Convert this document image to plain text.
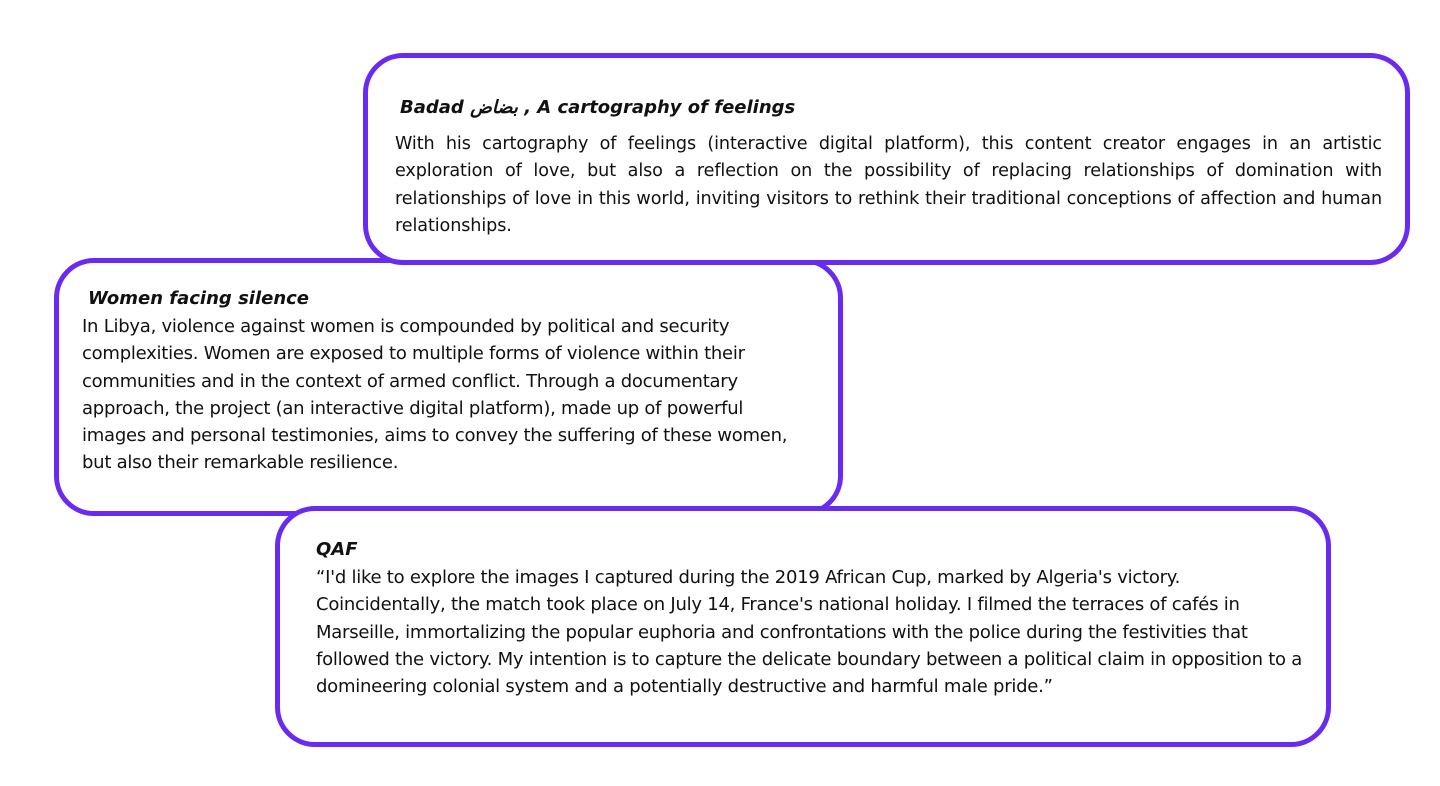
Badad بضاض , A cartography of feelings

With his cartography of feelings (interactive digital platform), this content creator engages in an artistic exploration of love, but also a reflection on the possibility of replacing relationships of domination with relationships of love in this world, inviting visitors to rethink their traditional conceptions of affection and human relationships.

Women facing silence

In Libya, violence against women is compounded by political and security complexities. Women are exposed to multiple forms of violence within their communities and in the context of armed conflict. Through a documentary approach, the project (an interactive digital platform), made up of powerful images and personal testimonies, aims to convey the suffering of these women, but also their remarkable resilience.

QAF

“I'd like to explore the images I captured during the 2019 African Cup, marked by Algeria's victory. Coincidentally, the match took place on July 14, France's national holiday. I filmed the terraces of cafés in Marseille, immortalizing the popular euphoria and confrontations with the police during the festivities that followed the victory. My intention is to capture the delicate boundary between a political claim in opposition to a domineering colonial system and a potentially destructive and harmful male pride.”
